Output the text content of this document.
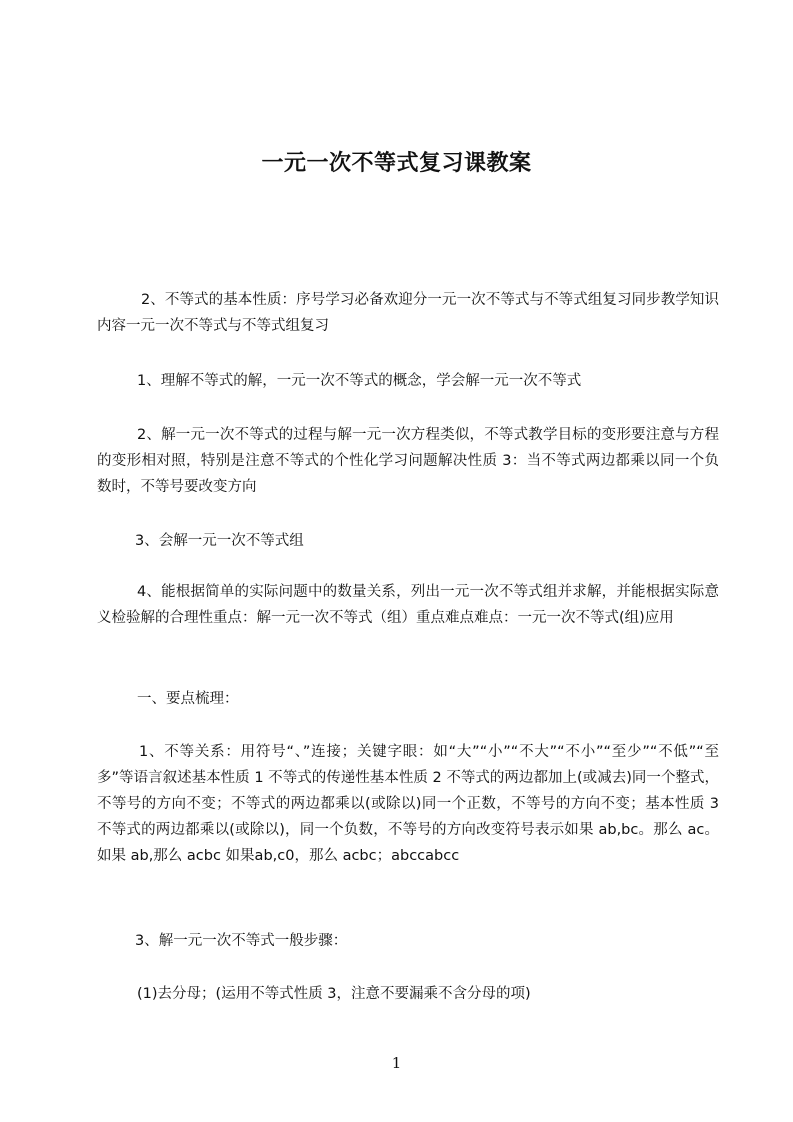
一元一次不等式复习课教案

2、不等式的基本性质：序号学习必备欢迎分一元一次不等式与不等式组复习同步教学知识内容一元一次不等式与不等式组复习

1、理解不等式的解，一元一次不等式的概念，学会解一元一次不等式

2、解一元一次不等式的过程与解一元一次方程类似，不等式教学目标的变形要注意与方程的变形相对照，特别是注意不等式的个性化学习问题解决性质 3：当不等式两边都乘以同一个负数时，不等号要改变方向

3、会解一元一次不等式组

4、能根据简单的实际问题中的数量关系，列出一元一次不等式组并求解，并能根据实际意义检验解的合理性重点：解一元一次不等式（组）重点难点难点：一元一次不等式(组)应用

一、要点梳理：

1、不等关系：用符号“、”连接；关键字眼：如“大”“小”“不大”“不小”“至少”“不低”“至多”等语言叙述基本性质 1 不等式的传递性基本性质 2 不等式的两边都加上(或减去)同一个整式，不等号的方向不变；不等式的两边都乘以(或除以)同一个正数，不等号的方向不变；基本性质 3 不等式的两边都乘以(或除以)，同一个负数，不等号的方向改变符号表示如果 ab,bc。那么 ac。如果 ab,那么 acbc 如果ab,c0，那么 acbc；abccabcc

3、解一元一次不等式一般步骤：

(1)去分母；(运用不等式性质 3，注意不要漏乘不含分母的项)

1
